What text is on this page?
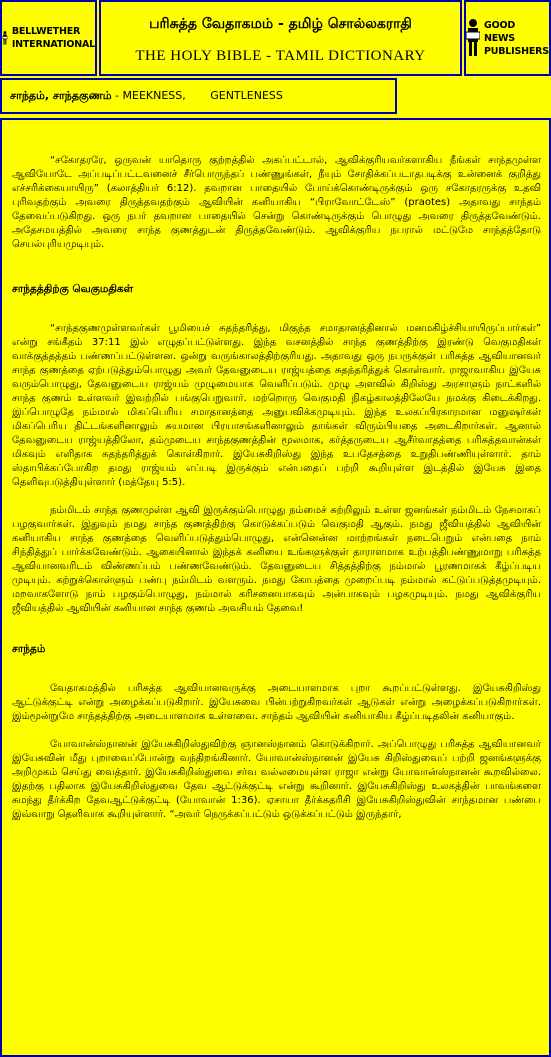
BELLWETHER
INTERNATIONAL
பரிசுத்த வேதாகமம் - தமிழ் சொல்லகராதி
THE HOLY BIBLE - TAMIL DICTIONARY
GOOD NEWS
PUBLISHERS
சாந்தம், சாந்தகுணம் - MEEKNESS,       GENTLENESS

“சகோதரரே, ஒருவன் யாதொரு குற்றத்தில் அகப்பட்டால், ஆவிக்குரியவர்களாகிய நீங்கள் சாந்தமுள்ள ஆவியோடே அப்படிப்பட்டவனைச் சீர்பொருந்தப் பண்ணுங்கள், நீயும் சோதிக்கப்படாதபடிக்கு உன்னைக் குறித்து எச்சரிக்கையாயிரு” (கலாத்தியர் 6:12). தவறான பாதையில் போய்க்கொண்டிருக்கும் ஒரு சகோதரருக்கு உதவி புரிவதற்கும் அவரை திருத்தவதற்கும் ஆவியின் கனியாகிய “பிராவோட்டேஸ்” (praotes) அதாவது சாந்தம் தேவைப்படுகிறது. ஒரு நபர் தவறான பாதையில் சென்று கொண்டிருக்கும் பொழுது அவரை திருத்தவேண்டும். அதேசமயத்தில் அவரை சாந்த குணத்துடன் திருத்தவேண்டும். ஆவிக்குரிய நபரால் மட்டுமே சாந்தத்தோடு செயல்புரியமுடியும்.

சாந்தத்திற்கு வெகுமதிகள்

“சாந்தகுணமுள்ளவர்கள் பூமியைச் சுதந்தரித்து, மிகுந்த சமாதானத்தினால் மனமகிழ்ச்சியாயிருப்பார்கள்” என்று சங்கீதம் 37:11 இல் எழுதப்பட்டுள்ளது. இந்த வசனத்தில் சாந்த குணத்திற்கு இரண்டு வெகுமதிகள் வாக்குத்தத்தம் பண்ணப்பட்டுள்ளன. ஒன்று வருங்காலத்திற்குரியது. அதாவது ஒரு நபருக்குள் பரிசுத்த ஆவியானவர் சாந்த குணத்தை ஏற்படுத்தும்பொழுது அவர் தேவனுடைய ராஜ்யத்தை சுதந்தரித்துக் கொள்வார். ராஜாவாகிய இயேசு வரும்பொழுது, தேவனுடைய ராஜ்யம் முழுமையாக வெளிப்படும். முழு அளவில் கிறிஸ்து அரசாளும் நாட்களில் சாந்த குணம் உள்ளவர் இவற்றில் பங்குபெறுவார். மற்றொரு வெகுமதி நிகழ்காலத்திலேயே நமக்கு கிடைக்கிறது. இப்பொழுதே நம்மால் மிகப்பெரிய சமாதானத்தை அனுபவிக்கமுடியும். இந்த உலகப்பிரகாரமான மனுஷர்கள் மிகப்பெரிய திட்டங்களினாலும் சுயமான பிரயாசங்களினாலும் தாங்கள் விரும்பியதை அடைகிறார்கள். ஆனால் தேவனுடைய ராஜ்யத்திலோ, தம்முடைய சாந்தகுணத்தின் மூலமாக, கர்த்தருடைய ஆசீர்வாதத்தை பரிசுத்தவான்கள் மிகவும் எளிதாக சுதந்தரித்துக் கொள்கிறார். இயேசுகிறிஸ்து இந்த உபதேசத்தை உறுதிபண்ணியுள்ளார். தாம் ஸ்தாபிக்கப்போகிற தமது ராஜ்யம் எப்படி இருக்கும் என்பதைப் பற்றி கூறியுள்ள இடத்தில் இயேசு இதை தெளிவுபடுத்தியுள்ளார் (மத்தேயு 5:5).

நம்மிடம் சாந்த குணமுள்ள ஆவி இருக்கும்பொழுது நம்மைச் சுற்றிலும் உள்ள ஜனங்கள் நம்மிடம் நேசமாகப் பழகுவார்கள். இதுவும் நமது சாந்த குணத்திற்கு கொடுக்கப்படும் வெகுமதி ஆகும். நமது ஜீவியத்தில் ஆவியின் கனியாகிய சாந்த குணத்தை வெளிப்படுத்தும்பொழுது, என்னென்ன மாற்றங்கள் நடைபெறும் என்பதை நாம் சிந்தித்துப் பார்க்கவேண்டும். ஆகையினால் இந்தக் கனியை உங்களுக்குள் தாராளமாக உற்பத்திபண்ணுமாறு பரிசுத்த ஆவியானவரிடம் விண்ணப்பம் பண்ணவேண்டும். தேவனுடைய சித்தத்திற்கு நம்மால் பூரணமாகக் கீழ்ப்படிய முடியும். கற்றுக்கொள்ளும் பண்பு நம்மிடம் வளரும். நமது கோபத்தை முறைப்படி நம்மால் கட்டுப்படுத்தமுடியும். மறவாகளோடு நாம் பழகும்பொழுது, நம்மால் கரிசனையாகவும் அன்பாகவும் பழகமுடியும். நமது ஆவிக்குரிய ஜீவியத்தில் ஆவியின் கனியான சாந்த குணம் அவசியம் தேவை!

சாந்தம்

வேதாகமத்தில் பரிசுத்த ஆவியானவருக்கு அடையாளமாக புறா கூறப்பட்டுள்ளது. இயேசுகிறிஸ்து ஆட்டுக்குட்டி என்று அழைக்கப்படுகிறார். இயேசுவை பின்பற்றுகிறவர்கள் ஆடுகள் என்று அழைக்கப்படுகிறார்கள். இம்மூன்றுமே சாந்தத்திற்கு அடையாளமாக உள்ளவை. சாந்தம் ஆவியின் கனியாகிய கீழ்ப்படிதலின் கனியாகும்.

யோவான்ஸ்நானன் இயேசுகிறிஸ்துவிற்கு ஞானஸ்நானம் கொடுக்கிறார். அப்பொழுது பரிசுத்த ஆவியானவர் இயேசுவின் மீது புறாவைப்போன்று வந்திறங்கினார். யோவான்ஸ்நானன் இயேசு கிறிஸ்துவைப் பற்றி ஜனங்களுக்கு அறிமுகம் செய்து வைத்தார். இயேசுகிறிஸ்துவை சர்வ வல்லமையுள்ள ராஜா என்று யோவான்ஸ்நானன் கூறவில்லை. இதற்கு பதிலாக இயேசுகிறிஸ்துவை தேவ ஆட்டுக்குட்டி என்று கூறினார். இயேசுகிறிஸ்து உலகத்தின் பாவங்களை சுமந்து தீர்க்கிற தேவஆட்டுக்குட்டி (யோவான் 1:36). ஏசாயா தீர்க்கதரிசி இயேசுகிறிஸ்துவின் சாந்தமான பண்பை இவ்வாறு தெளிவாக கூறியுள்ளார். “அவர் நெருக்கப்பட்டும் ஒடுக்கப்பட்டும் இருந்தார்,
